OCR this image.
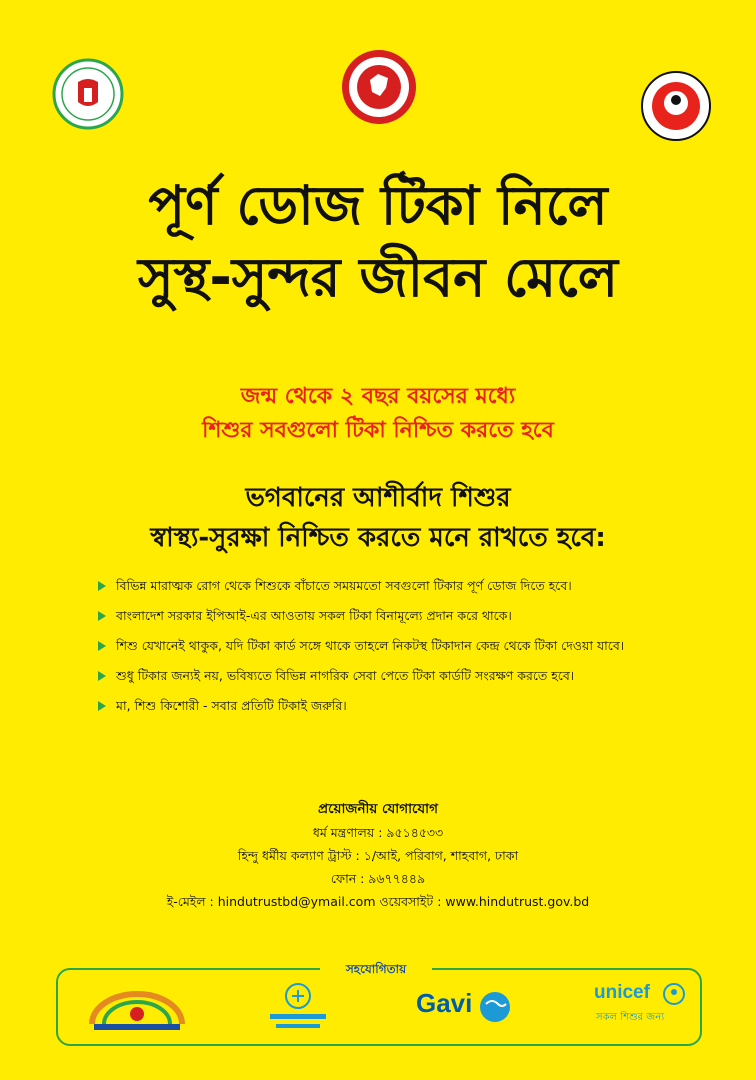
পূর্ণ ডোজ টিকা নিলে
সুস্থ-সুন্দর জীবন মেলে
জন্ম থেকে ২ বছর বয়সের মধ্যে
শিশুর সবগুলো টিকা নিশ্চিত করতে হবে
ভগবানের আশীর্বাদ শিশুর
স্বাস্থ্য-সুরক্ষা নিশ্চিত করতে মনে রাখতে হবে:
বিভিন্ন মারাত্মক রোগ থেকে শিশুকে বাঁচাতে সময়মতো সবগুলো টিকার পূর্ণ ডোজ দিতে হবে।
বাংলাদেশ সরকার ইপিআই-এর আওতায় সকল টিকা বিনামূল্যে প্রদান করে থাকে।
শিশু যেখানেই থাকুক, যদি টিকা কার্ড সঙ্গে থাকে তাহলে নিকটস্থ টিকাদান কেন্দ্র থেকে টিকা দেওয়া যাবে।
শুধু টিকার জন্যই নয়, ভবিষ্যতে বিভিন্ন নাগরিক সেবা পেতে টিকা কার্ডটি সংরক্ষণ করতে হবে।
মা, শিশু কিশোরী - সবার প্রতিটি টিকাই জরুরি।
প্রয়োজনীয় যোগাযোগ
ধর্ম মন্ত্রণালয় : ৯৫১৪৫৩৩
হিন্দু ধর্মীয় কল্যাণ ট্রাস্ট : ১/আই, পরিবাগ, শাহবাগ, ঢাকা
ফোন : ৯৬৭৭৪৪৯
ই-মেইল : hindutrustbd@ymail.com ওয়েবসাইট : www.hindutrust.gov.bd
সহযোগিতায়
Gavi	unicef
সকল শিশুর জন্য
